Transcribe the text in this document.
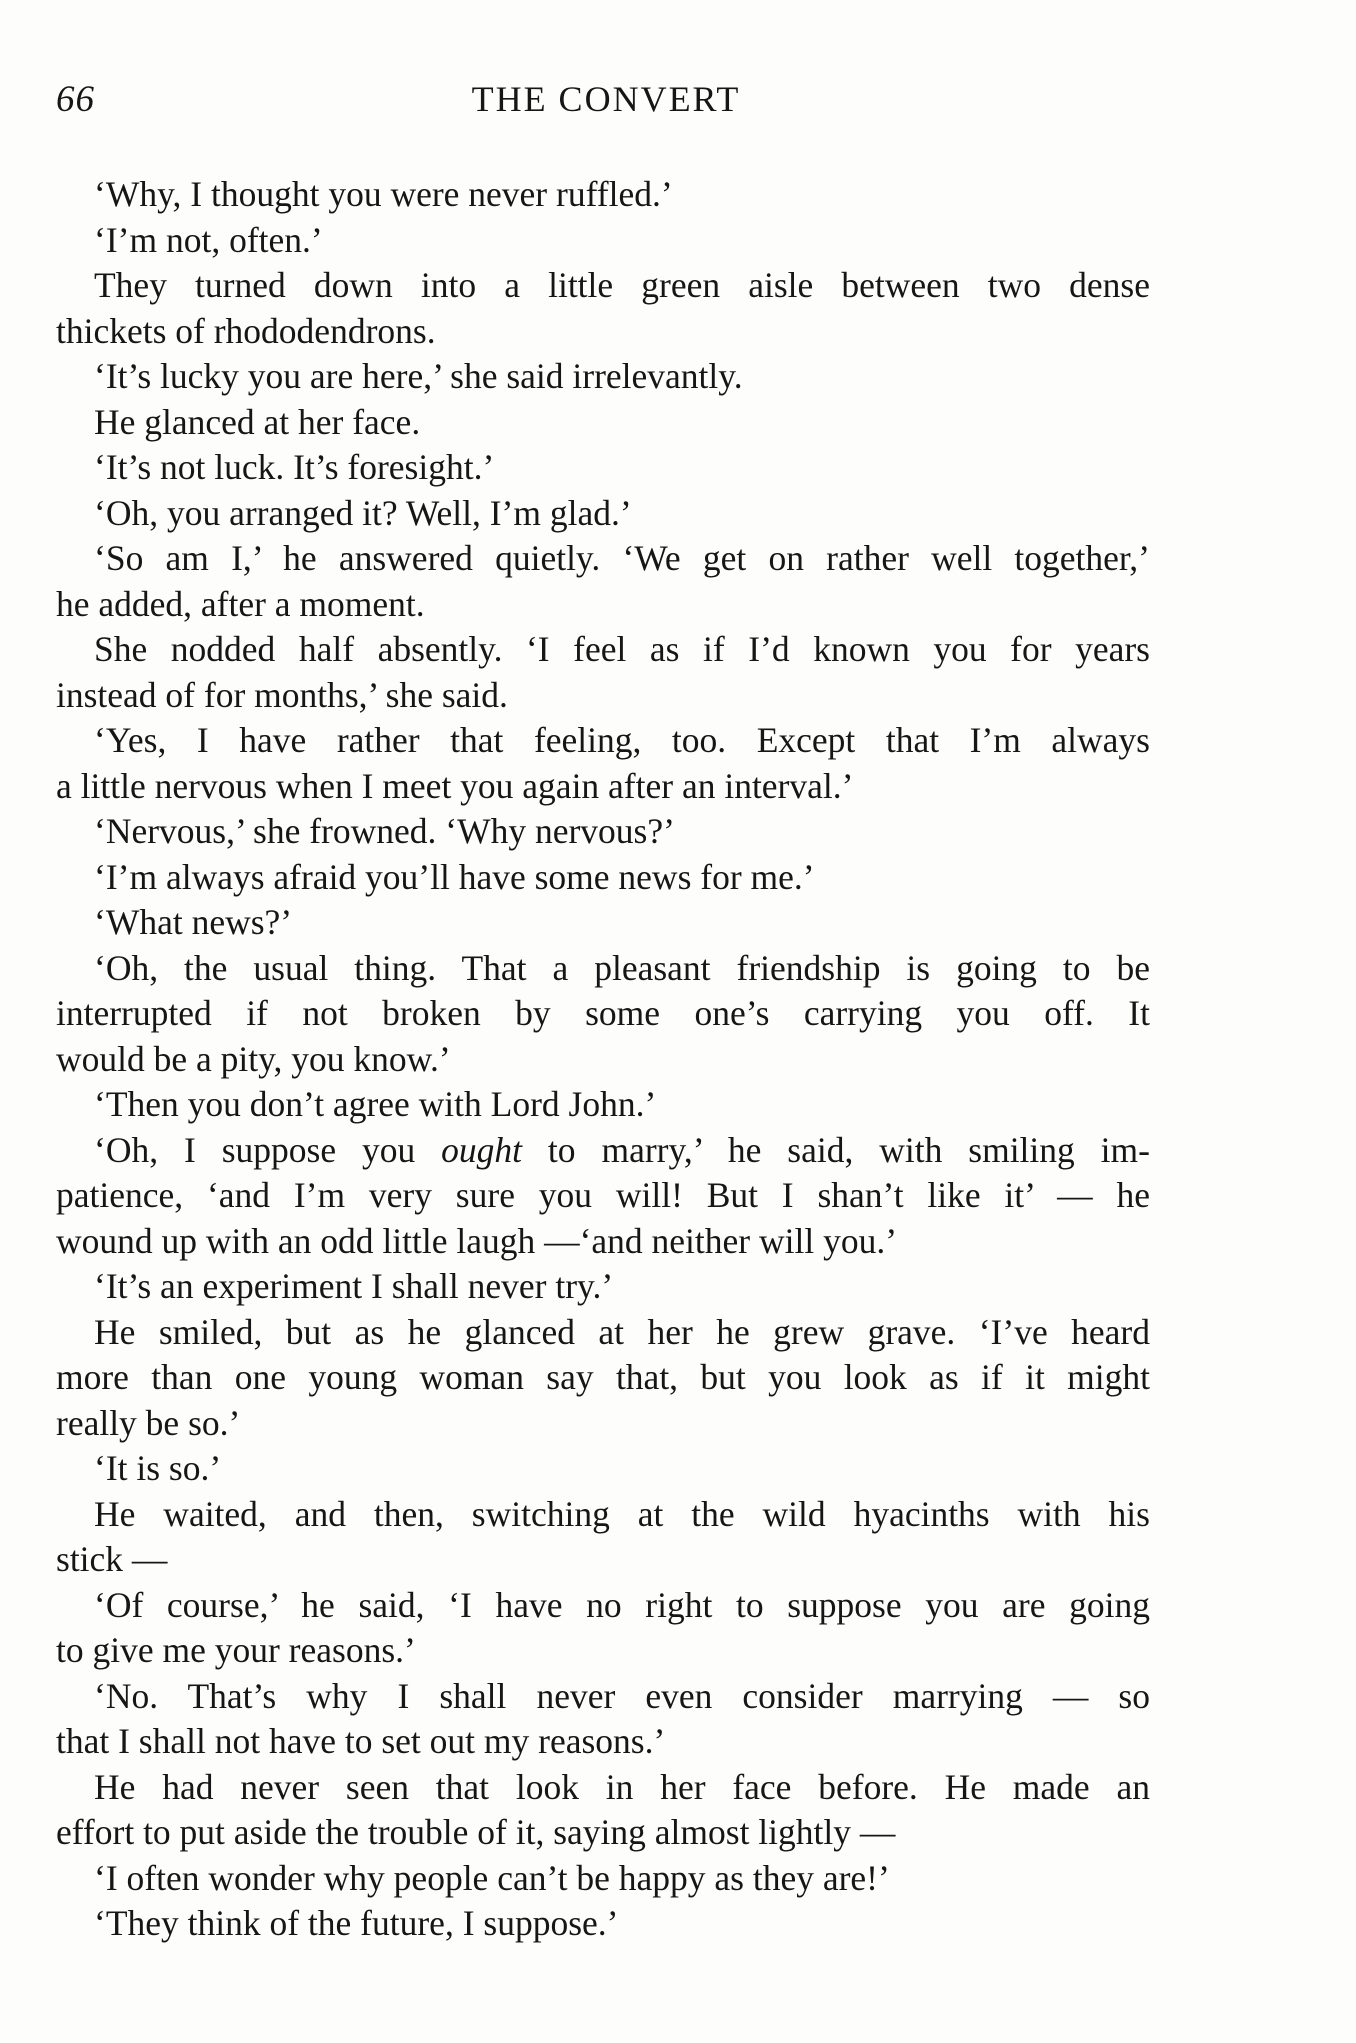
66	THE CONVERT
‘Why, I thought you were never ruffled.’
‘I’m not, often.’
They turned down into a little green aisle between two dense
thickets of rhododendrons.
‘It’s lucky you are here,’ she said irrelevantly.
He glanced at her face.
‘It’s not luck. It’s foresight.’
‘Oh, you arranged it? Well, I’m glad.’
‘So am I,’ he answered quietly. ‘We get on rather well together,’
he added, after a moment.
She nodded half absently. ‘I feel as if I’d known you for years
instead of for months,’ she said.
‘Yes, I have rather that feeling, too. Except that I’m always
a little nervous when I meet you again after an interval.’
‘Nervous,’ she frowned. ‘Why nervous?’
‘I’m always afraid you’ll have some news for me.’
‘What news?’
‘Oh, the usual thing. That a pleasant friendship is going to be
interrupted if not broken by some one’s carrying you off. It
would be a pity, you know.’
‘Then you don’t agree with Lord John.’
‘Oh, I suppose you ought to marry,’ he said, with smiling im-
patience, ‘and I’m very sure you will! But I shan’t like it’ — he
wound up with an odd little laugh —‘and neither will you.’
‘It’s an experiment I shall never try.’
He smiled, but as he glanced at her he grew grave. ‘I’ve heard
more than one young woman say that, but you look as if it might
really be so.’
‘It is so.’
He waited, and then, switching at the wild hyacinths with his
stick —
‘Of course,’ he said, ‘I have no right to suppose you are going
to give me your reasons.’
‘No. That’s why I shall never even consider marrying — so
that I shall not have to set out my reasons.’
He had never seen that look in her face before. He made an
effort to put aside the trouble of it, saying almost lightly —
‘I often wonder why people can’t be happy as they are!’
‘They think of the future, I suppose.’
